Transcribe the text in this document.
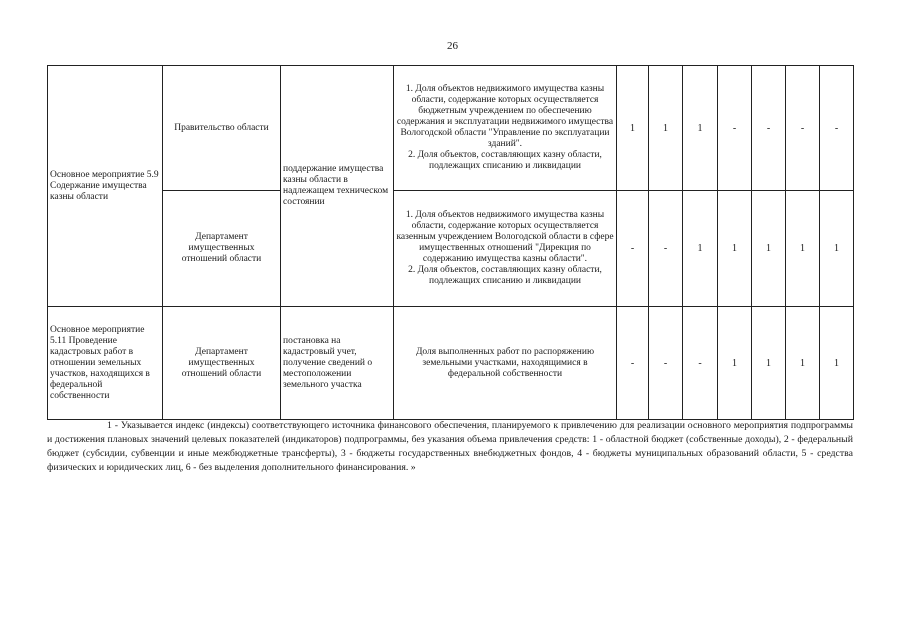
26
Основное мероприятие 5.9 Содержание имущества казны области	Правительство области	поддержание имущества казны области в надлежащем техническом состоянии	1. Доля объектов недвижимого имущества казны области, содержание которых осуществляется бюджетным учреждением по обеспечению содержания и эксплуатации недвижимого имущества Вологодской области "Управление по эксплуатации зданий".
2. Доля объектов, составляющих казну области, подлежащих списанию и ликвидации	1	1	1	-	-	-	-
	Департамент имущественных отношений области		1. Доля объектов недвижимого имущества казны области, содержание которых осуществляется казенным учреждением Вологодской области в сфере имущественных отношений "Дирекция по содержанию имущества казны области".
2. Доля объектов, составляющих казну области, подлежащих списанию и ликвидации	-	-	1	1	1	1	1
Основное мероприятие 5.11 Проведение кадастровых работ в отношении земельных участков, находящихся в федеральной собственности	Департамент имущественных отношений области	постановка на кадастровый учет, получение сведений о местоположении земельного участка	Доля выполненных работ по распоряжению земельными участками, находящимися в федеральной собственности	-	-	-	1	1	1	1

1 - Указывается индекс (индексы) соответствующего источника финансового обеспечения, планируемого к привлечению для реализации основного мероприятия подпрограммы и достижения плановых значений целевых показателей (индикаторов) подпрограммы, без указания объема привлечения средств: 1 - областной бюджет (собственные доходы), 2 - федеральный бюджет (субсидии, субвенции и иные межбюджетные трансферты), 3 - бюджеты государственных внебюджетных фондов, 4 - бюджеты муниципальных образований области, 5 - средства физических и юридических лиц, 6 - без выделения дополнительного финансирования. »
